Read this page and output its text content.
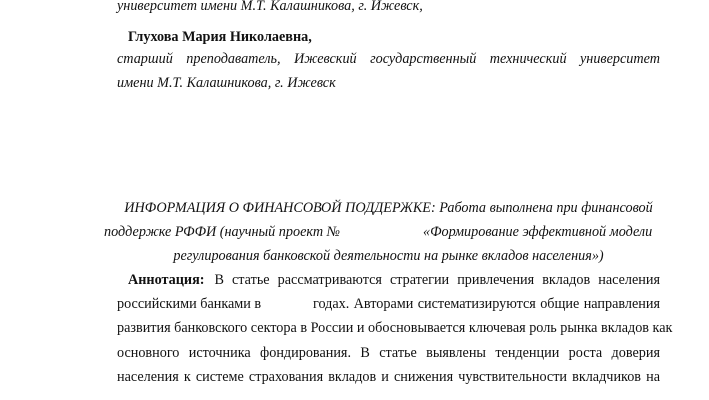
университет имени М.Т. Калашникова, г. Ижевск,
Глухова Мария Николаевна,
старший преподаватель, Ижевский государственный технический университет
имени М.Т. Калашникова, г. Ижевск
ИНФОРМАЦИЯ О ФИНАНСОВОЙ ПОДДЕРЖКЕ: Работа выполнена при финансовой
поддержке РФФИ (научный проект №	«Формирование эффективной модели
регулирования банковской деятельности на рынке вкладов населения»)
Аннотация: В статье рассматриваются стратегии привлечения вкладов населения
российскими банками в	годах. Авторами систематизируются общие направления
развития банковского сектора в России и обосновывается ключевая роль рынка вкладов как
основного источника фондирования. В статье выявлены тенденции роста доверия
населения к системе страхования вкладов и снижения чувствительности вкладчиков на
